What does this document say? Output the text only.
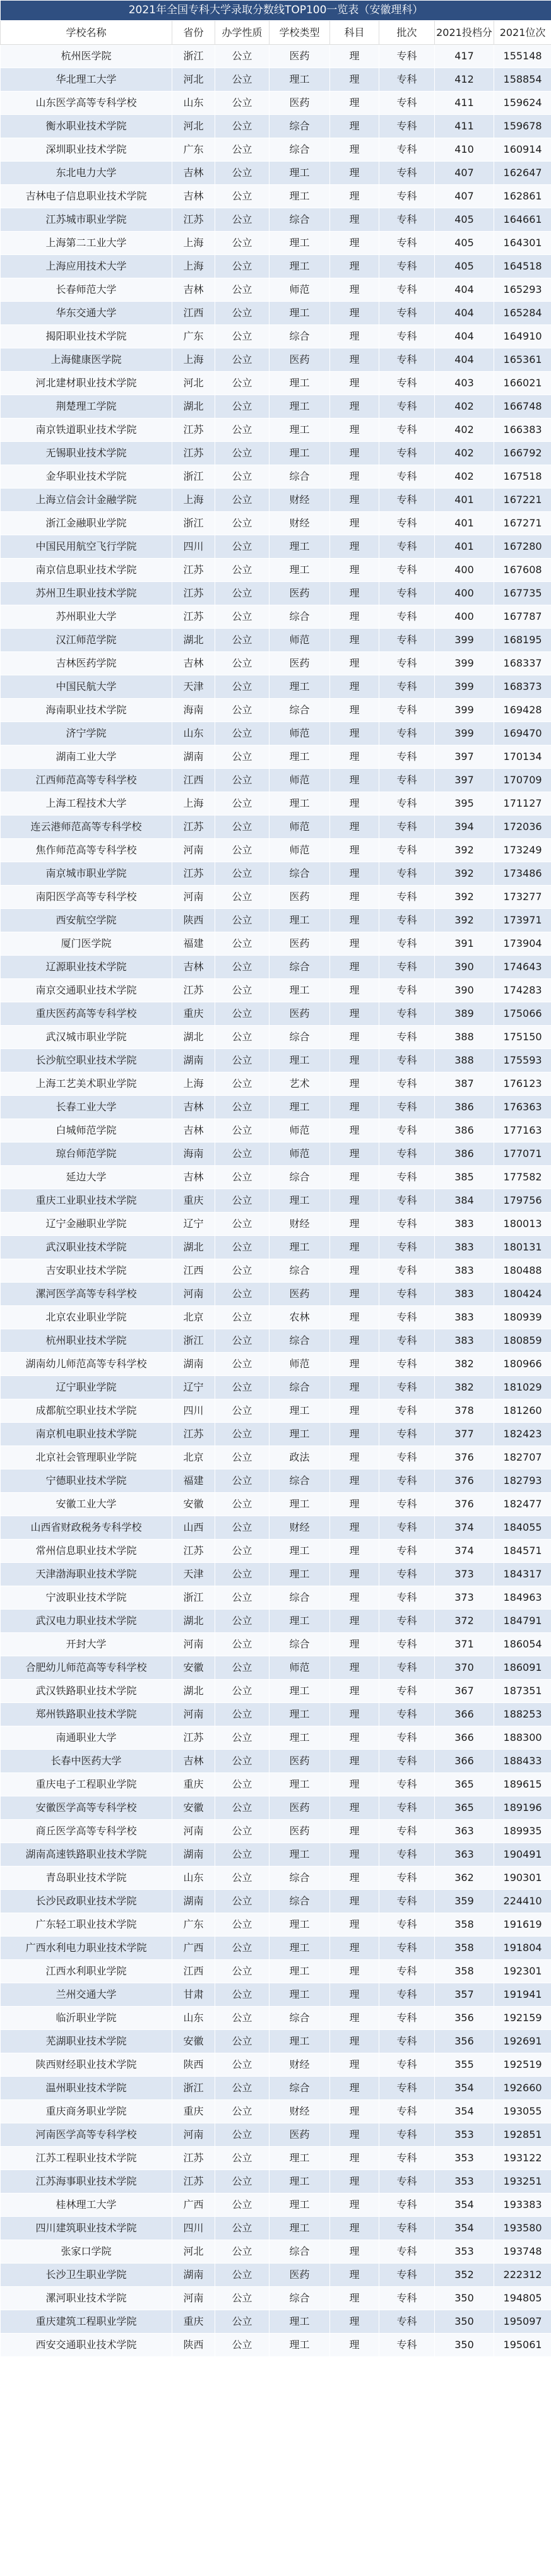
2021年全国专科大学录取分数线TOP100一览表（安徽理科）							
学校名称	省份	办学性质	学校类型	科目	批次	2021投档分	2021位次
杭州医学院	浙江	公立	医药	理	专科	417	155148
华北理工大学	河北	公立	理工	理	专科	412	158854
山东医学高等专科学校	山东	公立	医药	理	专科	411	159624
衡水职业技术学院	河北	公立	综合	理	专科	411	159678
深圳职业技术学院	广东	公立	综合	理	专科	410	160914
东北电力大学	吉林	公立	理工	理	专科	407	162647
吉林电子信息职业技术学院	吉林	公立	理工	理	专科	407	162861
江苏城市职业学院	江苏	公立	综合	理	专科	405	164661
上海第二工业大学	上海	公立	理工	理	专科	405	164301
上海应用技术大学	上海	公立	理工	理	专科	405	164518
长春师范大学	吉林	公立	师范	理	专科	404	165293
华东交通大学	江西	公立	理工	理	专科	404	165284
揭阳职业技术学院	广东	公立	综合	理	专科	404	164910
上海健康医学院	上海	公立	医药	理	专科	404	165361
河北建材职业技术学院	河北	公立	理工	理	专科	403	166021
荆楚理工学院	湖北	公立	理工	理	专科	402	166748
南京铁道职业技术学院	江苏	公立	理工	理	专科	402	166383
无锡职业技术学院	江苏	公立	理工	理	专科	402	166792
金华职业技术学院	浙江	公立	综合	理	专科	402	167518
上海立信会计金融学院	上海	公立	财经	理	专科	401	167221
浙江金融职业学院	浙江	公立	财经	理	专科	401	167271
中国民用航空飞行学院	四川	公立	理工	理	专科	401	167280
南京信息职业技术学院	江苏	公立	理工	理	专科	400	167608
苏州卫生职业技术学院	江苏	公立	医药	理	专科	400	167735
苏州职业大学	江苏	公立	综合	理	专科	400	167787
汉江师范学院	湖北	公立	师范	理	专科	399	168195
吉林医药学院	吉林	公立	医药	理	专科	399	168337
中国民航大学	天津	公立	理工	理	专科	399	168373
海南职业技术学院	海南	公立	综合	理	专科	399	169428
济宁学院	山东	公立	师范	理	专科	399	169470
湖南工业大学	湖南	公立	理工	理	专科	397	170134
江西师范高等专科学校	江西	公立	师范	理	专科	397	170709
上海工程技术大学	上海	公立	理工	理	专科	395	171127
连云港师范高等专科学校	江苏	公立	师范	理	专科	394	172036
焦作师范高等专科学校	河南	公立	师范	理	专科	392	173249
南京城市职业学院	江苏	公立	综合	理	专科	392	173486
南阳医学高等专科学校	河南	公立	医药	理	专科	392	173277
西安航空学院	陕西	公立	理工	理	专科	392	173971
厦门医学院	福建	公立	医药	理	专科	391	173904
辽源职业技术学院	吉林	公立	综合	理	专科	390	174643
南京交通职业技术学院	江苏	公立	理工	理	专科	390	174283
重庆医药高等专科学校	重庆	公立	医药	理	专科	389	175066
武汉城市职业学院	湖北	公立	综合	理	专科	388	175150
长沙航空职业技术学院	湖南	公立	理工	理	专科	388	175593
上海工艺美术职业学院	上海	公立	艺术	理	专科	387	176123
长春工业大学	吉林	公立	理工	理	专科	386	176363
白城师范学院	吉林	公立	师范	理	专科	386	177163
琼台师范学院	海南	公立	师范	理	专科	386	177071
延边大学	吉林	公立	综合	理	专科	385	177582
重庆工业职业技术学院	重庆	公立	理工	理	专科	384	179756
辽宁金融职业学院	辽宁	公立	财经	理	专科	383	180013
武汉职业技术学院	湖北	公立	理工	理	专科	383	180131
吉安职业技术学院	江西	公立	综合	理	专科	383	180488
漯河医学高等专科学校	河南	公立	医药	理	专科	383	180424
北京农业职业学院	北京	公立	农林	理	专科	383	180939
杭州职业技术学院	浙江	公立	综合	理	专科	383	180859
湖南幼儿师范高等专科学校	湖南	公立	师范	理	专科	382	180966
辽宁职业学院	辽宁	公立	综合	理	专科	382	181029
成都航空职业技术学院	四川	公立	理工	理	专科	378	181260
南京机电职业技术学院	江苏	公立	理工	理	专科	377	182423
北京社会管理职业学院	北京	公立	政法	理	专科	376	182707
宁德职业技术学院	福建	公立	综合	理	专科	376	182793
安徽工业大学	安徽	公立	理工	理	专科	376	182477
山西省财政税务专科学校	山西	公立	财经	理	专科	374	184055
常州信息职业技术学院	江苏	公立	理工	理	专科	374	184571
天津渤海职业技术学院	天津	公立	理工	理	专科	373	184317
宁波职业技术学院	浙江	公立	综合	理	专科	373	184963
武汉电力职业技术学院	湖北	公立	理工	理	专科	372	184791
开封大学	河南	公立	综合	理	专科	371	186054
合肥幼儿师范高等专科学校	安徽	公立	师范	理	专科	370	186091
武汉铁路职业技术学院	湖北	公立	理工	理	专科	367	187351
郑州铁路职业技术学院	河南	公立	理工	理	专科	366	188253
南通职业大学	江苏	公立	理工	理	专科	366	188300
长春中医药大学	吉林	公立	医药	理	专科	366	188433
重庆电子工程职业学院	重庆	公立	理工	理	专科	365	189615
安徽医学高等专科学校	安徽	公立	医药	理	专科	365	189196
商丘医学高等专科学校	河南	公立	医药	理	专科	363	189935
湖南高速铁路职业技术学院	湖南	公立	理工	理	专科	363	190491
青岛职业技术学院	山东	公立	综合	理	专科	362	190301
长沙民政职业技术学院	湖南	公立	综合	理	专科	359	224410
广东轻工职业技术学院	广东	公立	理工	理	专科	358	191619
广西水利电力职业技术学院	广西	公立	理工	理	专科	358	191804
江西水利职业学院	江西	公立	理工	理	专科	358	192301
兰州交通大学	甘肃	公立	理工	理	专科	357	191941
临沂职业学院	山东	公立	综合	理	专科	356	192159
芜湖职业技术学院	安徽	公立	理工	理	专科	356	192691
陕西财经职业技术学院	陕西	公立	财经	理	专科	355	192519
温州职业技术学院	浙江	公立	综合	理	专科	354	192660
重庆商务职业学院	重庆	公立	财经	理	专科	354	193055
河南医学高等专科学校	河南	公立	医药	理	专科	353	192851
江苏工程职业技术学院	江苏	公立	理工	理	专科	353	193122
江苏海事职业技术学院	江苏	公立	理工	理	专科	353	193251
桂林理工大学	广西	公立	理工	理	专科	354	193383
四川建筑职业技术学院	四川	公立	理工	理	专科	354	193580
张家口学院	河北	公立	综合	理	专科	353	193748
长沙卫生职业学院	湖南	公立	医药	理	专科	352	222312
漯河职业技术学院	河南	公立	综合	理	专科	350	194805
重庆建筑工程职业学院	重庆	公立	理工	理	专科	350	195097
西安交通职业技术学院	陕西	公立	理工	理	专科	350	195061
